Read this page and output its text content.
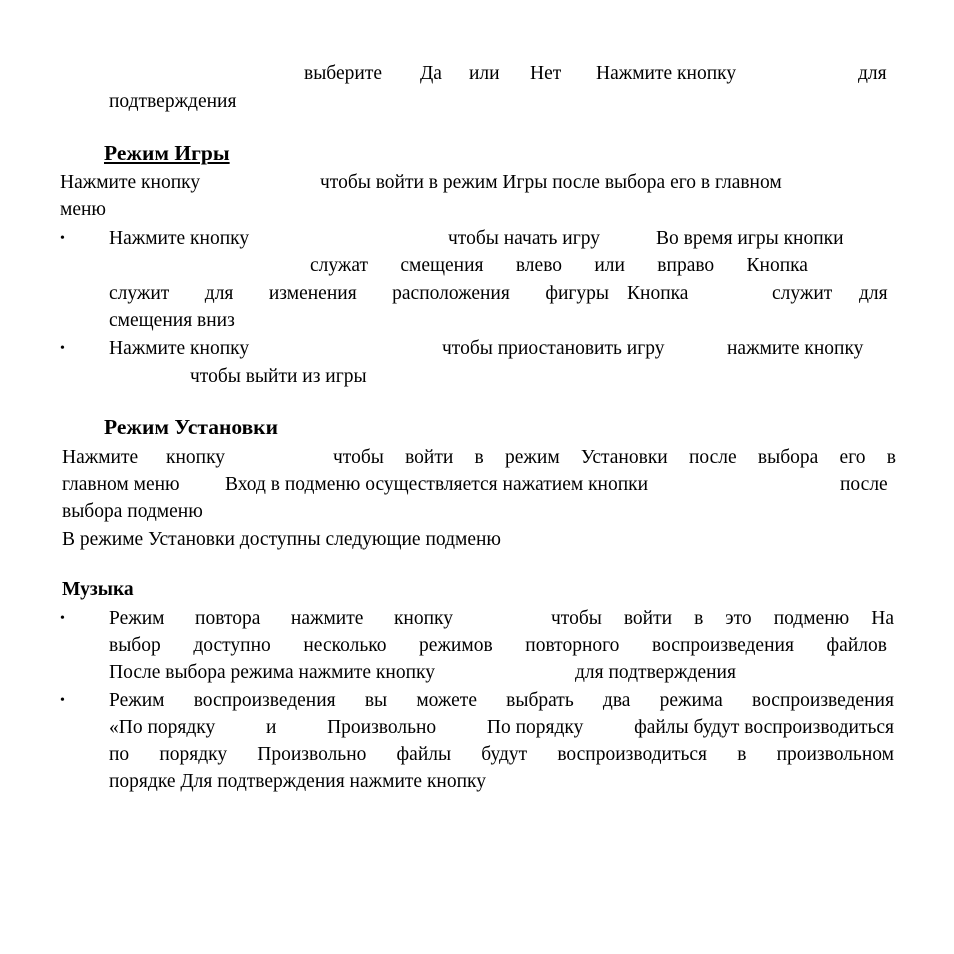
выберите Да или Нет Нажмите кнопку	для
подтверждения
Режим Игры
Нажмите кнопку	чтобы войти в режим Игры после выбора его в главном
меню
• Нажмите кнопку	чтобы начать игру	Во время игры кнопки
служат смещения влево или вправо Кнопка
служит для изменения расположения фигуры Кнопка	служит для
смещения вниз
• Нажмите кнопку	чтобы приостановить игру	нажмите кнопку
чтобы выйти из игры
Режим Установки
Нажмите кнопку	чтобы войти в режим Установки после выбора его в
главном меню Вход в подменю осуществляется нажатием кнопки	после
выбора подменю
В режиме Установки доступны следующие подменю
Музыка
• Режим повтора нажмите кнопку	чтобы войти в это подменю На
выбор доступно несколько режимов повторного воспроизведения файлов
После выбора режима нажмите кнопку	для подтверждения
• Режим воспроизведения вы можете выбрать два режима воспроизведения
«По порядку	и	Произвольно	По порядку	файлы будут воспроизводиться
по порядку Произвольно файлы будут воспроизводиться в произвольном
порядке Для подтверждения нажмите кнопку
